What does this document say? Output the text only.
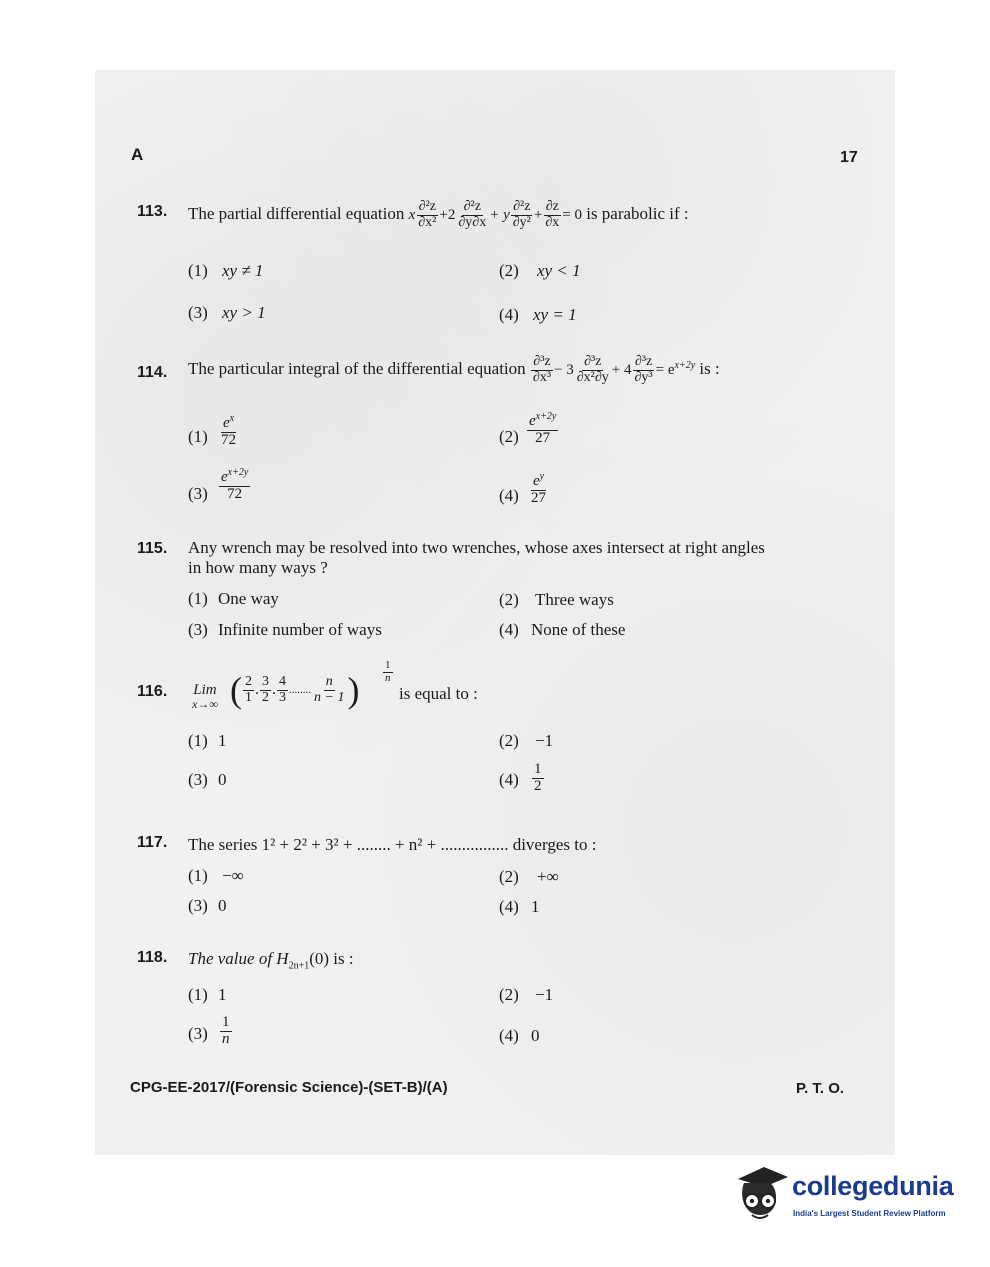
A	17
113. The partial differential equation x $\frac{\text{∂²z}}{\text{∂x²}} +2 \frac{\text{∂²z}}{\partial y\partial x} + y \frac{\text{∂²z}}{\text{∂y²}} + \frac{\partial z}{\partial x} = 0$ is parabolic if :
(1) xy ≠ 1	(2) xy < 1
(3) xy > 1	(4) xy = 1
114. The particular integral of the differential equation $\frac{\text{∂³z}}{\text{∂x³}} - 3 \frac{\text{∂³z}}{\text{∂x²∂y}} + 4 \frac{\text{∂³z}}{\text{∂y³}} = e^{x+2y}$ is :
$(1) \frac{e^x}{72}$	$(2) \frac{e^{x+2y}}{27}$
$(3) \frac{e^{x+2y}}{72}$	$(4) \frac{e^y}{27}$
115. Any wrench may be resolved into two wrenches, whose axes intersect at right angles
in how many ways ?
(1) One way	(2) Three ways
(3) Infinite number of ways	(4) None of these
116. Lim
x→∞ ( $\frac{2}{1}$ . $\frac{3}{2}$ . $\frac{4}{3}$ ........ $\frac{n}{n - 1}$ ) $\frac{1}{n}$
is equal to :
(1) 1	(2) −1
(3) 0	$(4) \frac{1}{2}$
117. The series 1² + 2² + 3² + ........ + n² + ................ diverges to :
(1) −∞	(2) +∞
(3) 0	(4) 1
118. The value of $H_{2n+1}(0)$ is :
(1) 1	(2) −1
$(3) \frac{1}{n}$	(4) 0
CPG-EE-2017/(Forensic Science)-(SET-B)/(A)	P. T. O.
collegedunia
India's Largest Student Review Platform
